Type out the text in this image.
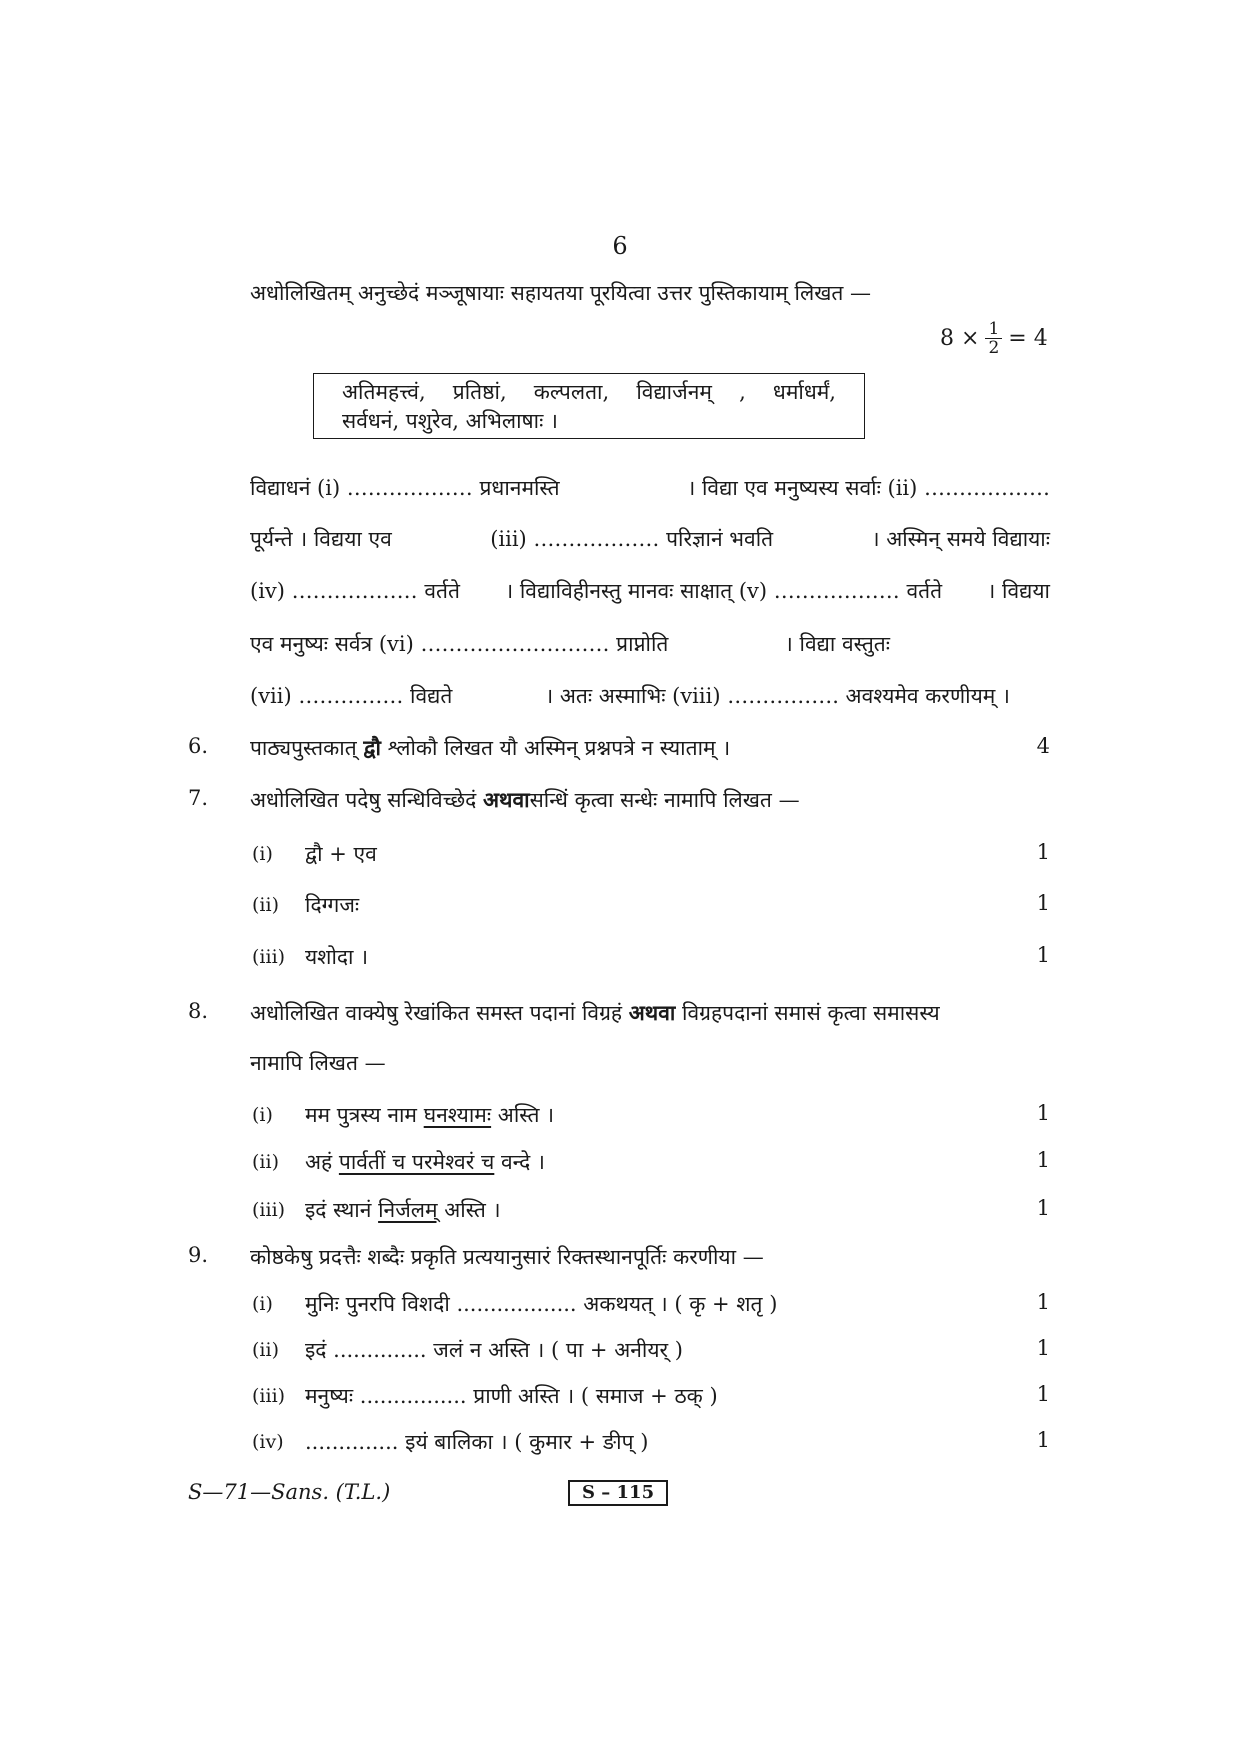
6
अधोलिखितम् अनुच्छेदं मञ्जूषायाः सहायतया पूरयित्वा उत्तर पुस्तिकायाम् लिखत —
$8 \times \frac{1}{2} = 4$
अतिमहत्त्वं, प्रतिष्ठां, कल्पलता, विद्यार्जनम् , धर्माधर्मं,
सर्वधनं, पशुरेव, अभिलाषाः ।
विद्याधनं (i) ……………… प्रधानमस्ति	। विद्या एव मनुष्यस्य सर्वाः (ii) ………………
पूर्यन्ते । विद्यया एव	(iii) ……………… परिज्ञानं भवति	। अस्मिन् समये विद्यायाः
(iv) ……………… वर्तते । विद्याविहीनस्तु मानवः साक्षात् (v) ……………… वर्तते । विद्यया
एव मनुष्यः सर्वत्र (vi) ……………………… प्राप्नोति	। विद्या वस्तुतः
(vii) …………… विद्यते	। अतः अस्माभिः (viii) ……………. अवश्यमेव करणीयम् ।
6. पाठ्यपुस्तकात् द्वौ श्लोकौ लिखत यौ अस्मिन् प्रश्नपत्रे न स्याताम् ।	4
7. अधोलिखित पदेषु सन्धिविच्छेदं अथवासन्धिं कृत्वा सन्धेः नामापि लिखत —
(i) द्वौ + एव	1
(ii) दिग्गजः	1
(iii) यशोदा ।	1
8. अधोलिखित वाक्येषु रेखांकित समस्त पदानां विग्रहं अथवा विग्रहपदानां समासं कृत्वा समासस्य
नामापि लिखत —
(i) मम पुत्रस्य नाम घनश्यामः अस्ति ।	1
(ii) अहं पार्वतीं च परमेश्वरं च वन्दे ।	1
(iii) इदं स्थानं निर्जलम् अस्ति ।	1
9. कोष्ठकेषु प्रदत्तैः शब्दैः प्रकृति प्रत्ययानुसारं रिक्तस्थानपूर्तिः करणीया —
(i) मुनिः पुनरपि विशदी .................. अकथयत् । ( कृ + शतृ )	1
(ii) इदं .............. जलं न अस्ति । ( पा + अनीयर् )	1
(iii) मनुष्यः ................ प्राणी अस्ति । ( समाज + ठक् )	1
(iv) .............. इयं बालिका । ( कुमार + ङीप् )	1
S—71—Sans. (T.L.)	S – 115
